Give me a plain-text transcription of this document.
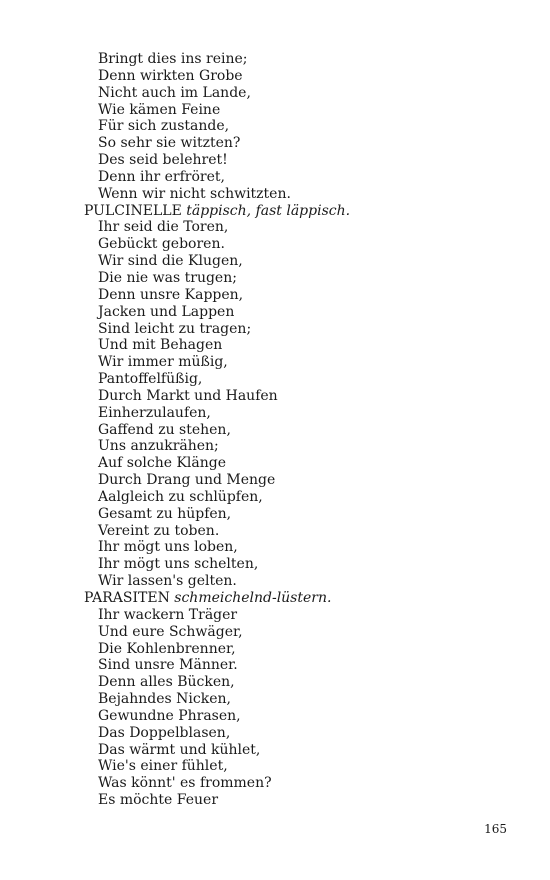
Bringt dies ins reine;
Denn wirkten Grobe
Nicht auch im Lande,
Wie kämen Feine
Für sich zustande,
So sehr sie witzten?
Des seid belehret!
Denn ihr erfröret,
Wenn wir nicht schwitzten.
PULCINELLE täppisch, fast läppisch.
Ihr seid die Toren,
Gebückt geboren.
Wir sind die Klugen,
Die nie was trugen;
Denn unsre Kappen,
Jacken und Lappen
Sind leicht zu tragen;
Und mit Behagen
Wir immer müßig,
Pantoffelfüßig,
Durch Markt und Haufen
Einherzulaufen,
Gaffend zu stehen,
Uns anzukrähen;
Auf solche Klänge
Durch Drang und Menge
Aalgleich zu schlüpfen,
Gesamt zu hüpfen,
Vereint zu toben.
Ihr mögt uns loben,
Ihr mögt uns schelten,
Wir lassen's gelten.
PARASITEN schmeichelnd-lüstern.
Ihr wackern Träger
Und eure Schwäger,
Die Kohlenbrenner,
Sind unsre Männer.
Denn alles Bücken,
Bejahndes Nicken,
Gewundne Phrasen,
Das Doppelblasen,
Das wärmt und kühlet,
Wie's einer fühlet,
Was könnt' es frommen?
Es möchte Feuer
165
